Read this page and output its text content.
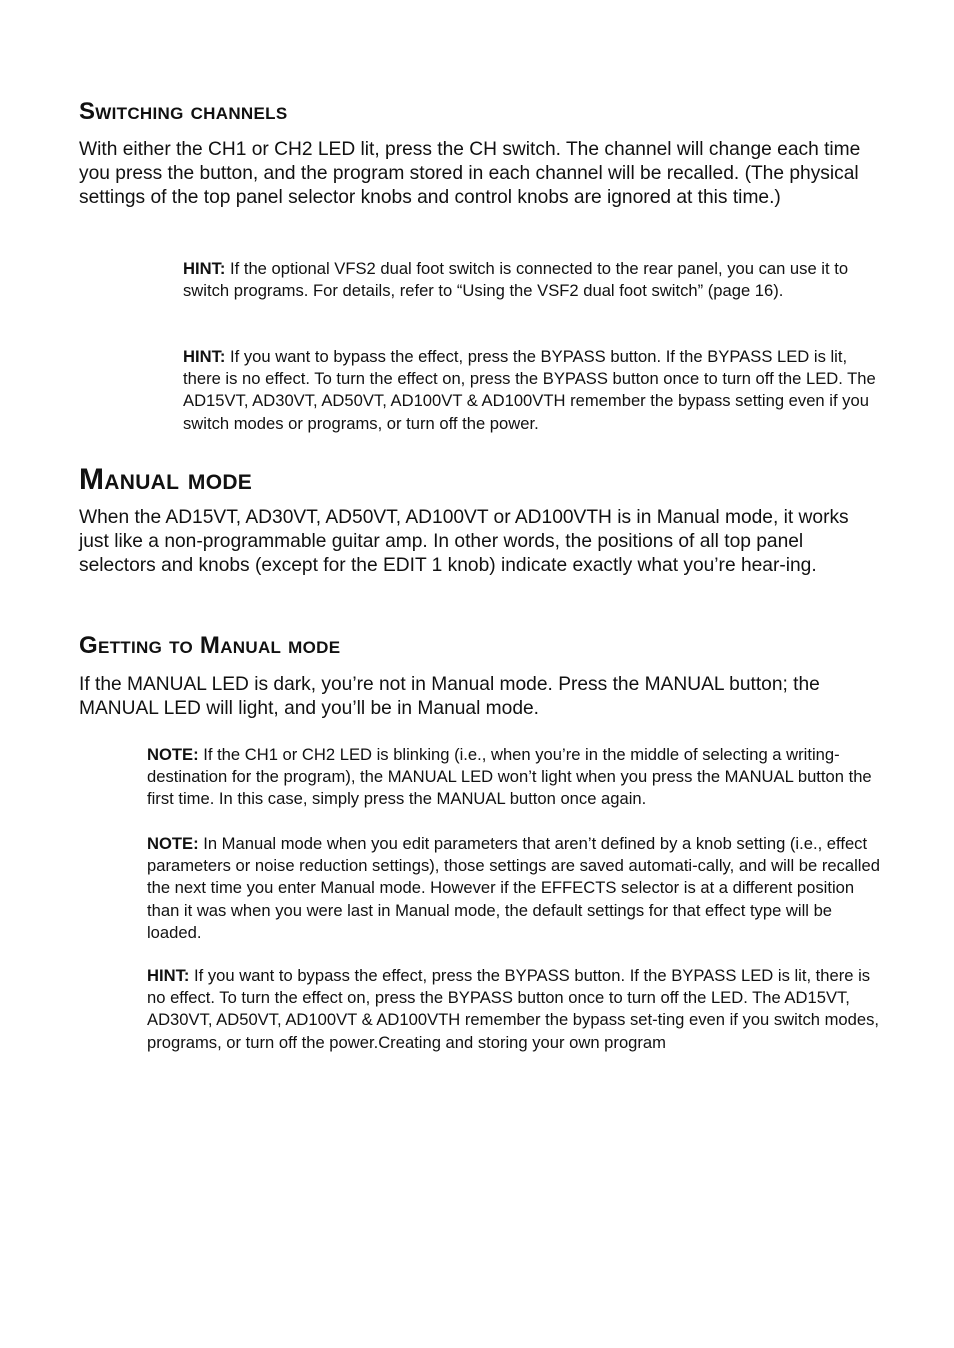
Switching channels

With either the CH1 or CH2 LED lit, press the CH switch. The channel will change each time you press the button, and the program stored in each channel will be recalled. (The physical settings of the top panel selector knobs and control knobs are ignored at this time.)

HINT: If the optional VFS2 dual foot switch is connected to the rear panel, you can use it to switch programs. For details, refer to “Using the VSF2 dual foot switch” (page 16).

HINT: If you want to bypass the effect, press the BYPASS button. If the BYPASS LED is lit, there is no effect. To turn the effect on, press the BYPASS button once to turn off the LED. The AD15VT, AD30VT, AD50VT, AD100VT & AD100VTH remember the bypass setting even if you switch modes or programs, or turn off the power.

Manual mode

When the AD15VT, AD30VT, AD50VT, AD100VT or AD100VTH is in Manual mode, it works just like a non-programmable guitar amp. In other words, the positions of all top panel selectors and knobs (except for the EDIT 1 knob) indicate exactly what you’re hear-ing.

Getting to Manual mode

If the MANUAL LED is dark, you’re not in Manual mode. Press the MANUAL button; the MANUAL LED will light, and you’ll be in Manual mode.

NOTE: If the CH1 or CH2 LED is blinking (i.e., when you’re in the middle of selecting a writing-destination for the program), the MANUAL LED won’t light when you press the MANUAL button the first time. In this case, simply press the MANUAL button once again.

NOTE: In Manual mode when you edit parameters that aren’t defined by a knob setting (i.e., effect parameters or noise reduction settings), those settings are saved automati-cally, and will be recalled the next time you enter Manual mode. However if the EFFECTS selector is at a different position than it was when you were last in Manual mode, the default settings for that effect type will be loaded.

HINT: If you want to bypass the effect, press the BYPASS button. If the BYPASS LED is lit, there is no effect. To turn the effect on, press the BYPASS button once to turn off the LED. The AD15VT, AD30VT, AD50VT, AD100VT & AD100VTH remember the bypass set-ting even if you switch modes, programs, or turn off the power.Creating and storing your own program
